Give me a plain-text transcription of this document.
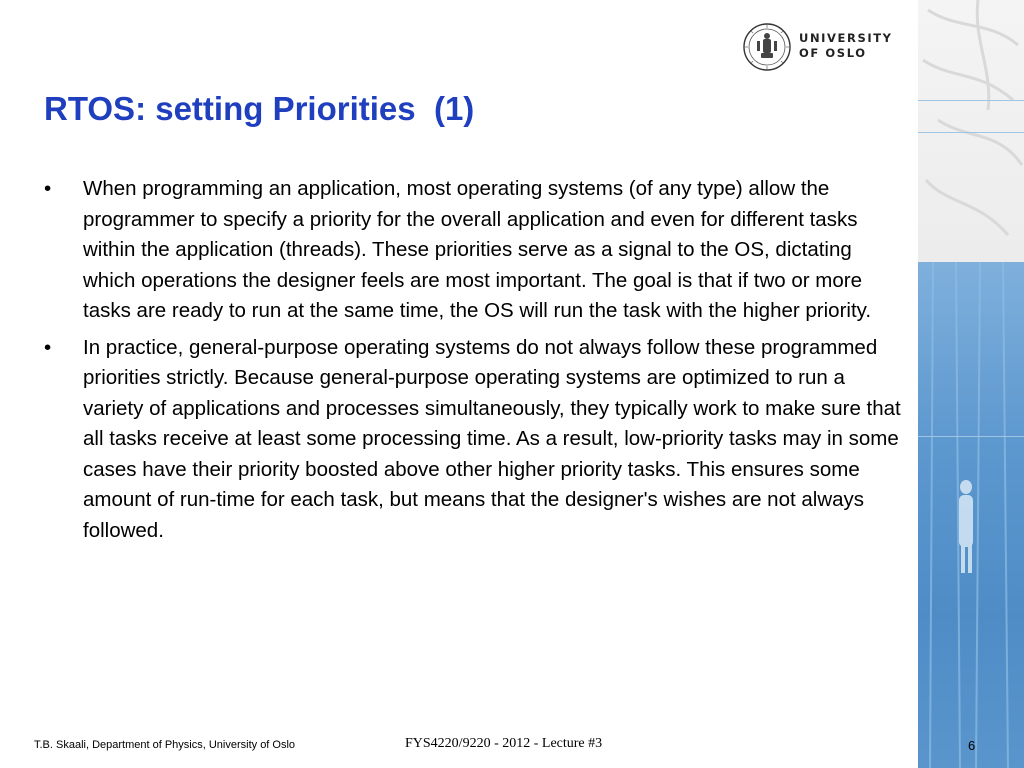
UNIVERSITY
OF OSLO
RTOS: setting Priorities  (1)
• When programming an application, most operating systems (of any type) allow the programmer to specify a priority for the overall application and even for different tasks within the application (threads). These priorities serve as a signal to the OS, dictating which operations the designer feels are most important. The goal is that if two or more tasks are ready to run at the same time, the OS will run the task with the higher priority.
• In practice, general-purpose operating systems do not always follow these programmed priorities strictly. Because general-purpose operating systems are optimized to run a variety of applications and processes simultaneously, they typically work to make sure that all tasks receive at least some processing time. As a result, low-priority tasks may in some cases have their priority boosted above other higher priority tasks. This ensures some amount of run-time for each task, but means that the designer's wishes are not always followed.
T.B. Skaali, Department of Physics, University of Oslo	FYS4220/9220 - 2012 - Lecture #3	6
